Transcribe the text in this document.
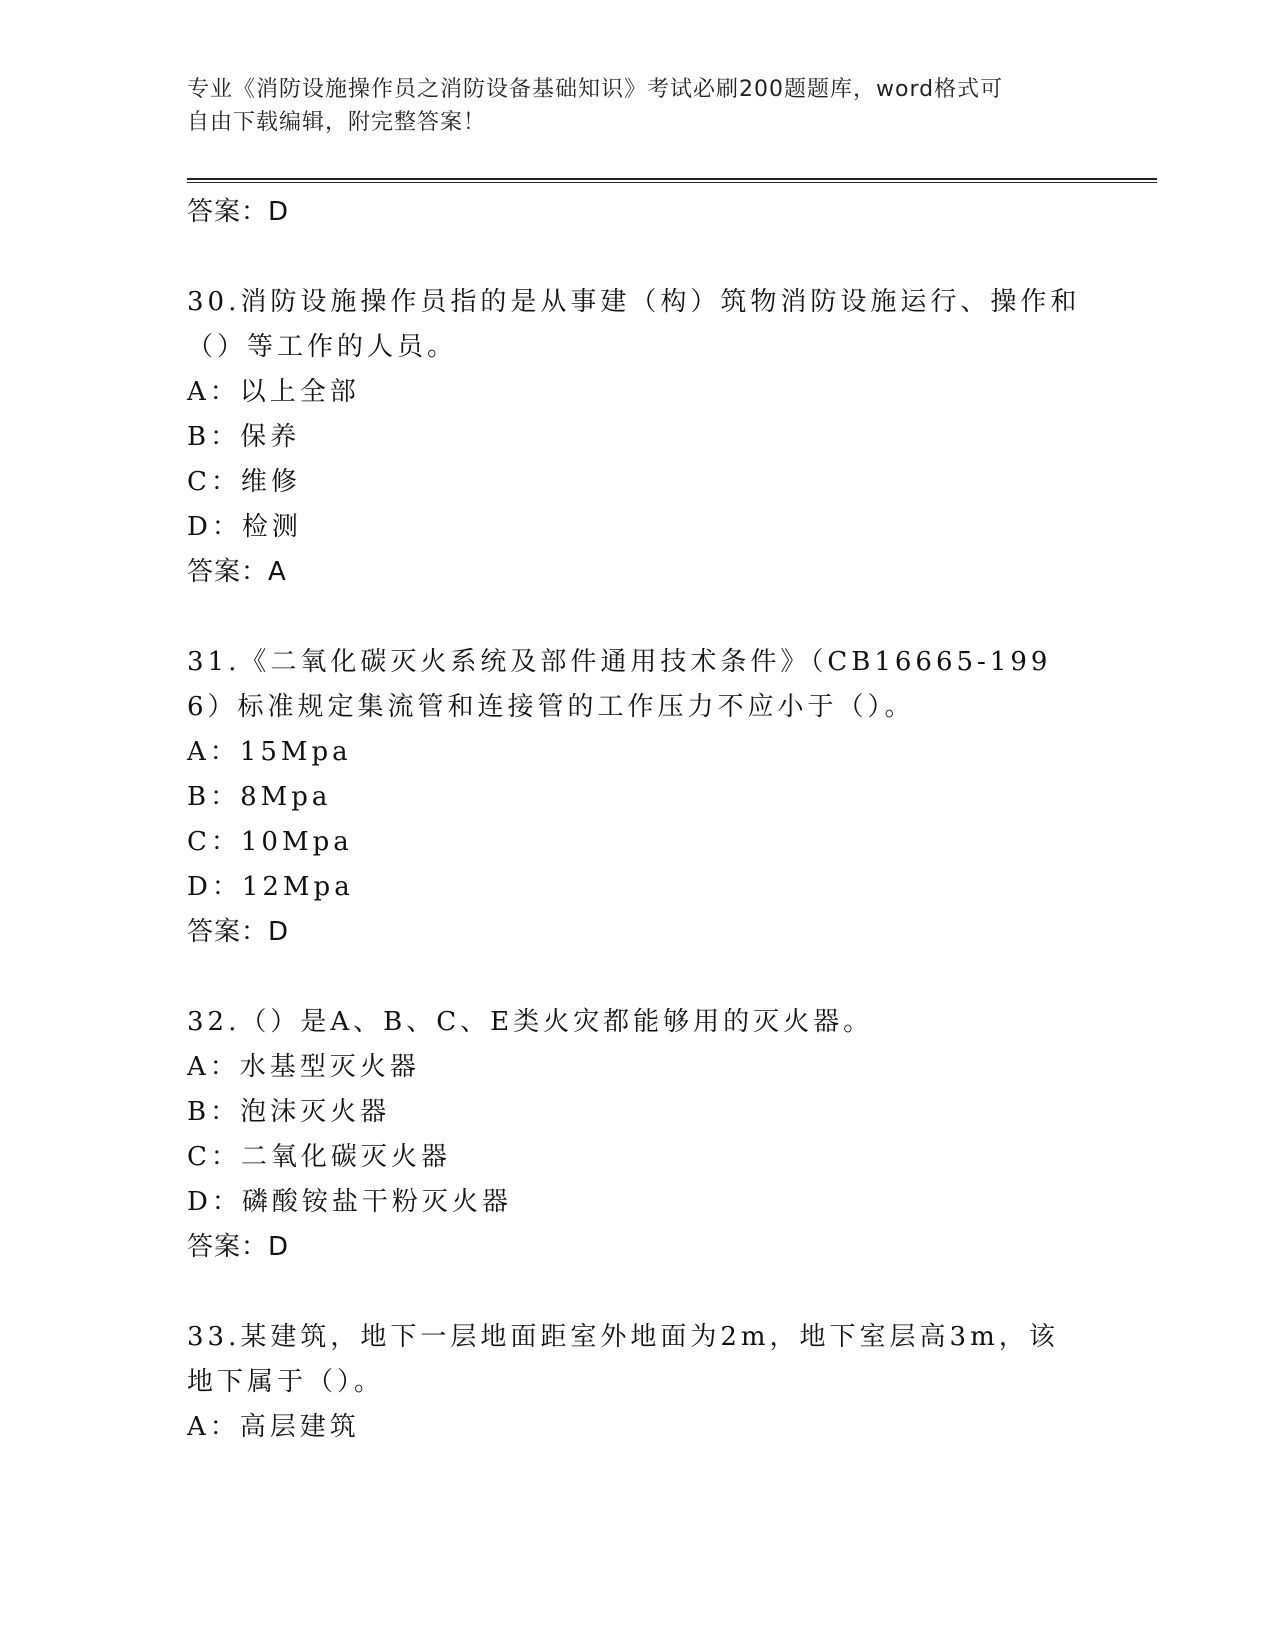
专业《消防设施操作员之消防设备基础知识》考试必刷200题题库，word格式可
自由下载编辑，附完整答案！
答案：D
30.消防设施操作员指的是从事建（构）筑物消防设施运行、操作和（）等工作的人员。
A：以上全部
B：保养
C：维修
D：检测
答案：A
31.《二氧化碳灭火系统及部件通用技术条件》（CB16665-1996）标准规定集流管和连接管的工作压力不应小于（）。
A：15Mpa
B：8Mpa
C：10Mpa
D：12Mpa
答案：D
32.（）是A、B、C、E类火灾都能够用的灭火器。
A：水基型灭火器
B：泡沫灭火器
C：二氧化碳灭火器
D：磷酸铵盐干粉灭火器
答案：D
33.某建筑，地下一层地面距室外地面为2m，地下室层高3m，该地下属于（）。
A：高层建筑
